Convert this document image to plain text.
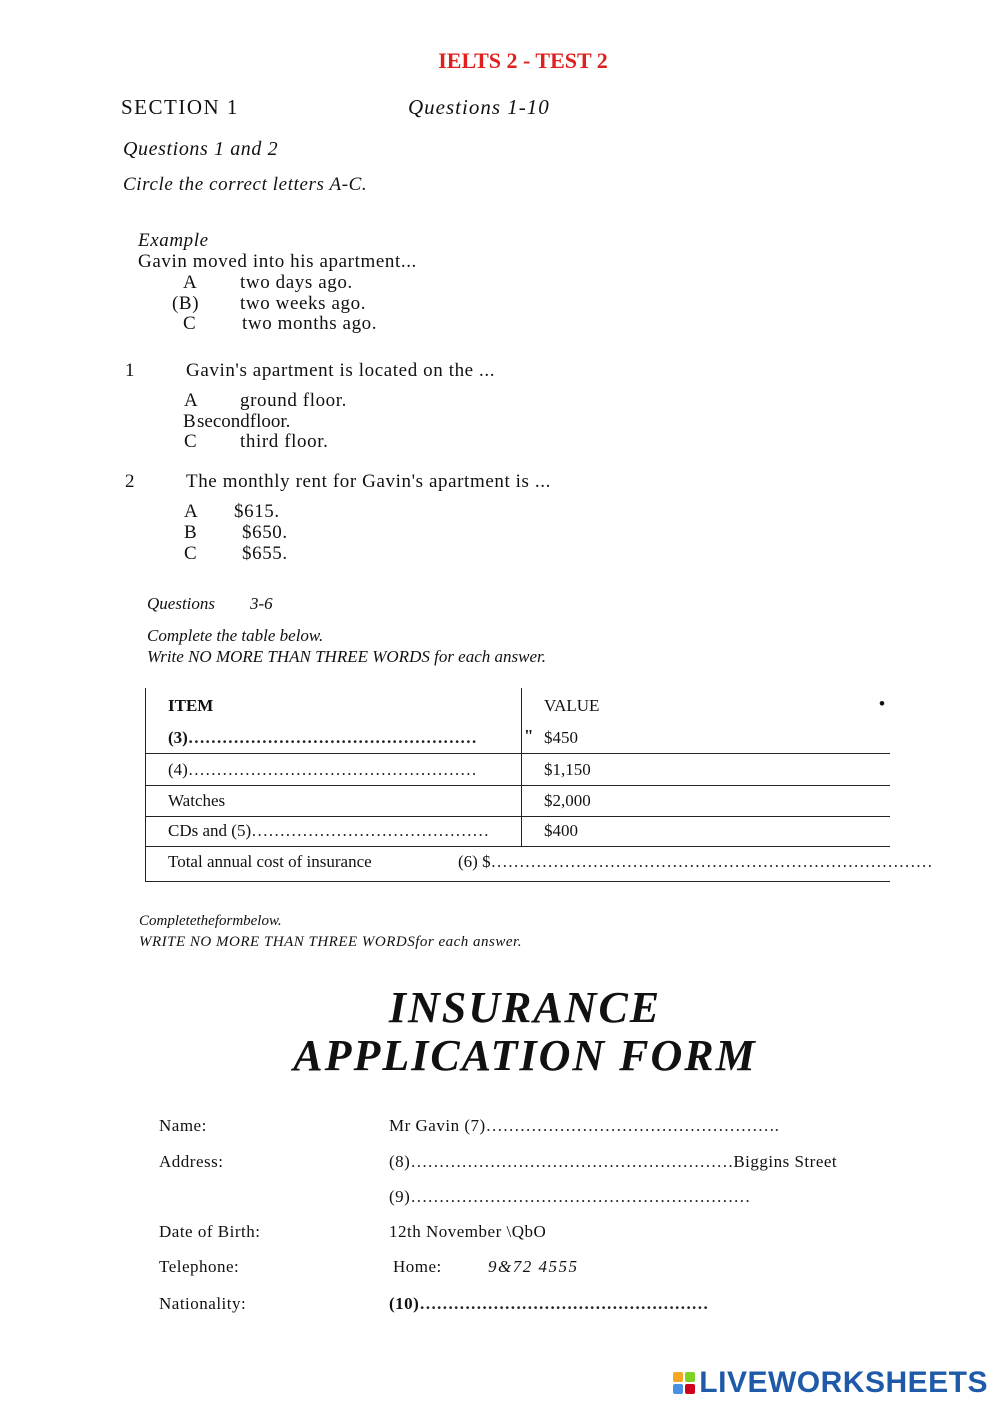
IELTS 2 - TEST 2
SECTION 1	Questions 1-10
Questions 1 and 2
Circle the correct letters A-C.
Example
Gavin moved into his apartment...
A two days ago.
(B) two weeks ago.
C two months ago.
1	Gavin's apartment is located on the ...
A ground floor.
B secondfloor.
C third floor.
2	The monthly rent for Gavin's apartment is ...
A $615.
B $650.
C $655.
Questions 3-6
Complete the table below.
Write NO MORE THAN THREE WORDS for each answer.
ITEM	VALUE	•
(3)……………………………………………	" $450
(4)……………………………………………	$1,150
Watches	$2,000
CDs and (5)……………………………………	$400
Total annual cost of insurance	(6) $……………………………………………………………………
Completetheformbelow.
WRITE NO MORE THAN THREE WORDSfor each answer.
INSURANCE
APPLICATION FORM
Name:	Mr Gavin (7)…………………………………………….
Address:	(8)…………………………………………………Biggins Street
(9)……………………………………………………
Date of Birth:	12th November \QbO
Telephone:	Home:	9&72 4555
Nationality:	(10)……………………………………………
LIVEWORKSHEETS
